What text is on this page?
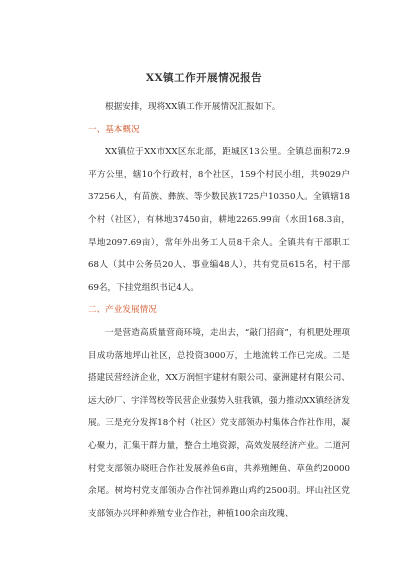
XX镇工作开展情况报告

根据安排，现将XX镇工作开展情况汇报如下。

一、基本概况

XX镇位于XX市XX区东北部，距城区13公里。全镇总面积72.9平方公里，辖10个行政村，8个社区，159个村民小组，共9029户37256人，有苗族、彝族、等少数民族1725户10350人。全镇辖18个村（社区），有林地37450亩，耕地2265.99亩（水田168.3亩，旱地2097.69亩），常年外出务工人员8千余人。全镇共有干部职工68人（其中公务员20人、事业编48人），共有党员615名，村干部69名，下挂党组织书记4人。

二、产业发展情况

一是营造高质量营商环境，走出去，“敲门招商”，有机肥处理项目成功落地坪山社区，总投资3000万，土地流转工作已完成。二是搭建民营经济企业，XX万润恒宇建材有限公司、豪洲建材有限公司、远大砂厂、宇洋驾校等民营企业强势入驻我镇，强力推动XX镇经济发展。三是充分发挥18个村（社区）党支部领办村集体合作社作用，凝心聚力，汇集干群力量，整合土地资源，高效发展经济产业。二道河村党支部领办晓旺合作社发展养鱼6亩，共养殖鲤鱼、草鱼约20000余尾。树垮村党支部领办合作社饲养跑山鸡约2500羽。坪山社区党支部领办兴坪种养殖专业合作社，种植100余亩玫瑰、
